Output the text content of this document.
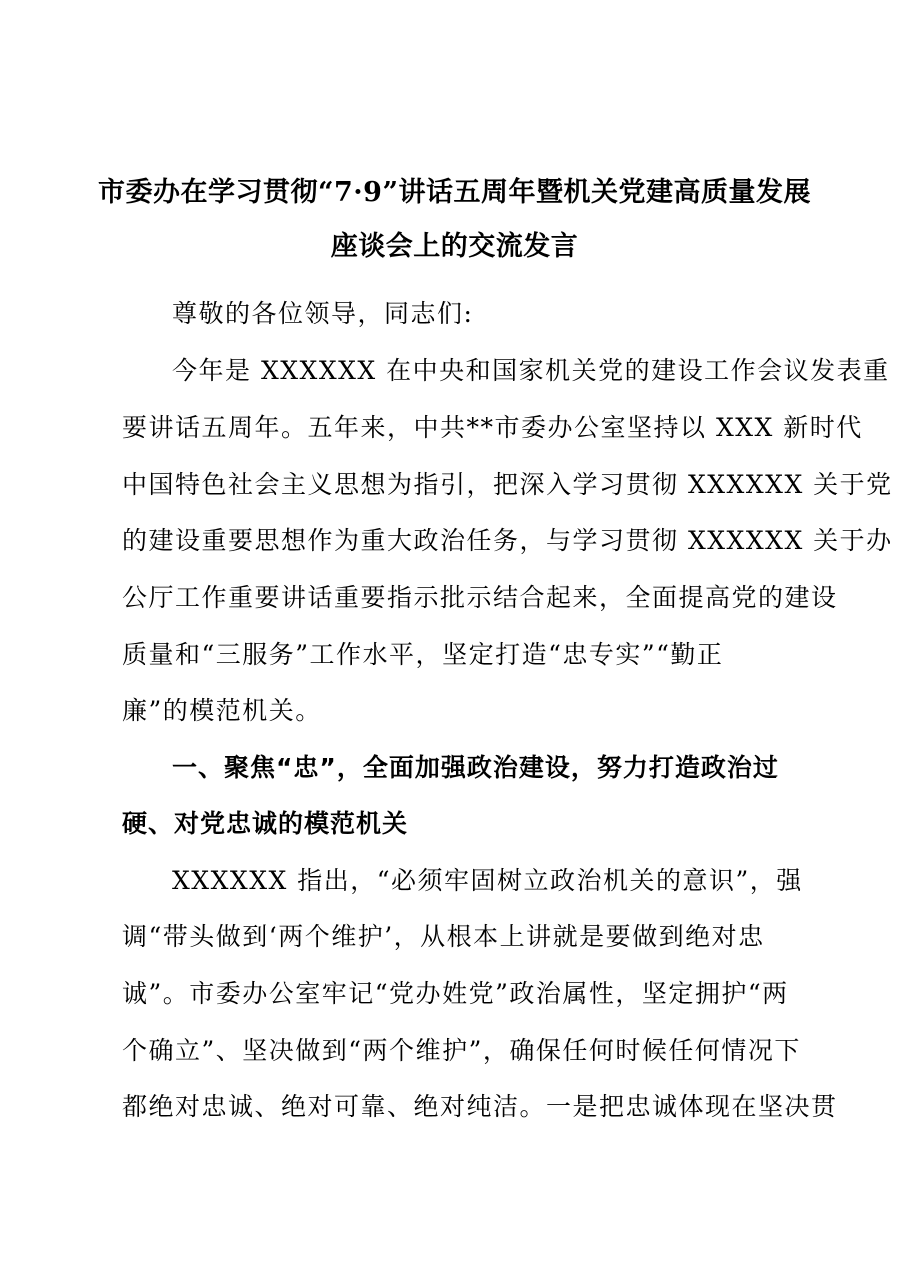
市委办在学习贯彻“7·9”讲话五周年暨机关党建高质量发展
座谈会上的交流发言
尊敬的各位领导，同志们:
今年是 XXXXXX 在中央和国家机关党的建设工作会议发表重
要讲话五周年。五年来，中共**市委办公室坚持以 XXX 新时代
中国特色社会主义思想为指引，把深入学习贯彻 XXXXXX 关于党
的建设重要思想作为重大政治任务，与学习贯彻 XXXXXX 关于办
公厅工作重要讲话重要指示批示结合起来，全面提高党的建设
质量和“三服务”工作水平，坚定打造“忠专实”“勤正
廉”的模范机关。
一、聚焦“忠”，全面加强政治建设，努力打造政治过
硬、对党忠诚的模范机关
XXXXXX 指出，“必须牢固树立政治机关的意识”，强
调“带头做到‘两个维护’，从根本上讲就是要做到绝对忠
诚”。市委办公室牢记“党办姓党”政治属性，坚定拥护“两
个确立”、坚决做到“两个维护”，确保任何时候任何情况下
都绝对忠诚、绝对可靠、绝对纯洁。一是把忠诚体现在坚决贯
